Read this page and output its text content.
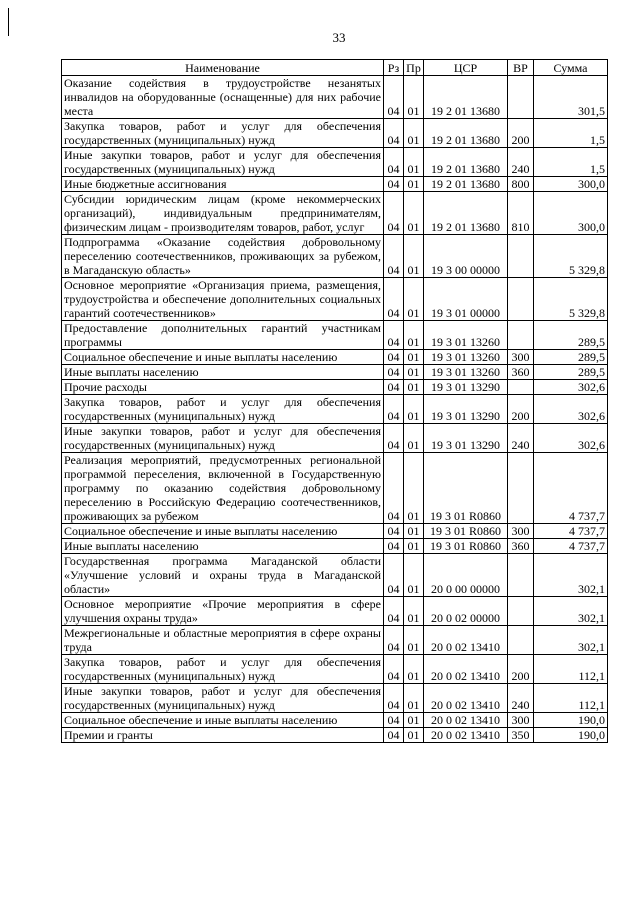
33
Наименование	Рз	Пр	ЦСР	ВР	Сумма
Оказание содействия в трудоустройстве незанятых инвалидов на оборудованные (оснащенные) для них рабочие места	04	01	19 2 01 13680		301,5
Закупка товаров, работ и услуг для обеспечения государственных (муниципальных) нужд	04	01	19 2 01 13680	200	1,5
Иные закупки товаров, работ и услуг для обеспечения государственных (муниципальных) нужд	04	01	19 2 01 13680	240	1,5
Иные бюджетные ассигнования	04	01	19 2 01 13680	800	300,0
Субсидии юридическим лицам (кроме некоммерческих организаций), индивидуальным предпринимателям, физическим лицам - производителям товаров, работ, услуг	04	01	19 2 01 13680	810	300,0
Подпрограмма «Оказание содействия добровольному переселению соотечественников, проживающих за рубежом, в Магаданскую область»	04	01	19 3 00 00000		5 329,8
Основное мероприятие «Организация приема, размещения, трудоустройства и обеспечение дополнительных социальных гарантий соотечественников»	04	01	19 3 01 00000		5 329,8
Предоставление дополнительных гарантий участникам программы	04	01	19 3 01 13260		289,5
Социальное обеспечение и иные выплаты населению	04	01	19 3 01 13260	300	289,5
Иные выплаты населению	04	01	19 3 01 13260	360	289,5
Прочие расходы	04	01	19 3 01 13290		302,6
Закупка товаров, работ и услуг для обеспечения государственных (муниципальных) нужд	04	01	19 3 01 13290	200	302,6
Иные закупки товаров, работ и услуг для обеспечения государственных (муниципальных) нужд	04	01	19 3 01 13290	240	302,6
Реализация мероприятий, предусмотренных региональной программой переселения, включенной в Государственную программу по оказанию содействия добровольному переселению в Российскую Федерацию соотечественников, проживающих за рубежом	04	01	19 3 01 R0860		4 737,7
Социальное обеспечение и иные выплаты населению	04	01	19 3 01 R0860	300	4 737,7
Иные выплаты населению	04	01	19 3 01 R0860	360	4 737,7
Государственная программа Магаданской области «Улучшение условий и охраны труда в Магаданской области»	04	01	20 0 00 00000		302,1
Основное мероприятие «Прочие мероприятия в сфере улучшения охраны труда»	04	01	20 0 02 00000		302,1
Межрегиональные и областные мероприятия в сфере охраны труда	04	01	20 0 02 13410		302,1
Закупка товаров, работ и услуг для обеспечения государственных (муниципальных) нужд	04	01	20 0 02 13410	200	112,1
Иные закупки товаров, работ и услуг для обеспечения государственных (муниципальных) нужд	04	01	20 0 02 13410	240	112,1
Социальное обеспечение и иные выплаты населению	04	01	20 0 02 13410	300	190,0
Премии и гранты	04	01	20 0 02 13410	350	190,0
